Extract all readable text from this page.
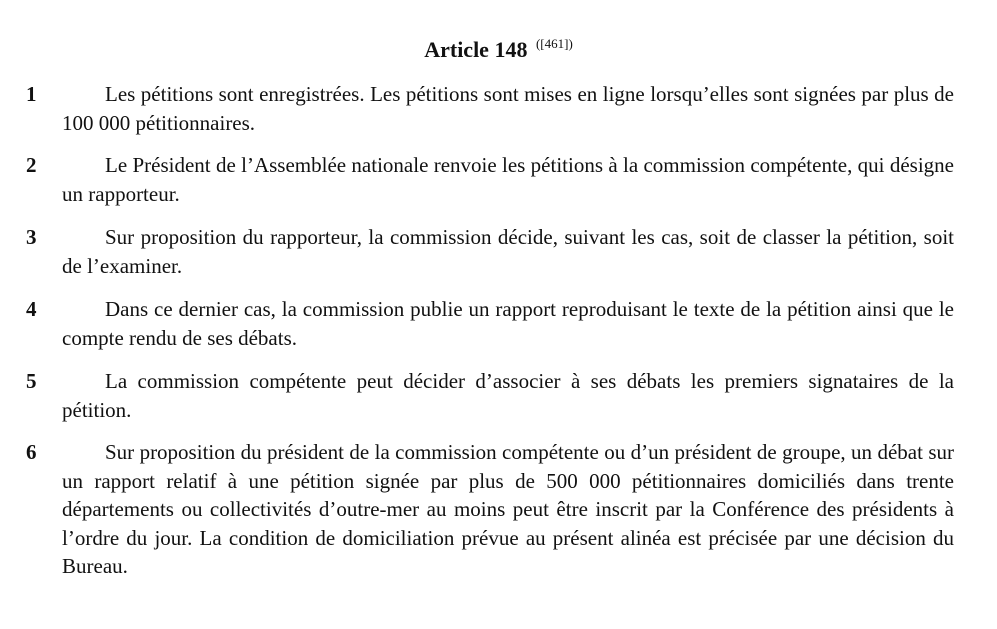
Article 148 $^{([461])}$
1	Les pétitions sont enregistrées. Les pétitions sont mises en ligne lorsqu’elles sont signées par plus de 100 000 pétitionnaires.

2	Le Président de l’Assemblée nationale renvoie les pétitions à la commission compétente, qui désigne un rapporteur.

3	Sur proposition du rapporteur, la commission décide, suivant les cas, soit de classer la pétition, soit de l’examiner.

4	Dans ce dernier cas, la commission publie un rapport reproduisant le texte de la pétition ainsi que le compte rendu de ses débats.

5	La commission compétente peut décider d’associer à ses débats les premiers signataires de la pétition.

6	Sur proposition du président de la commission compétente ou d’un président de groupe, un débat sur un rapport relatif à une pétition signée par plus de 500 000 pétitionnaires domiciliés dans trente départements ou collectivités d’outre-mer au moins peut être inscrit par la Conférence des présidents à l’ordre du jour. La condition de domiciliation prévue au présent alinéa est précisée par une décision du Bureau.
